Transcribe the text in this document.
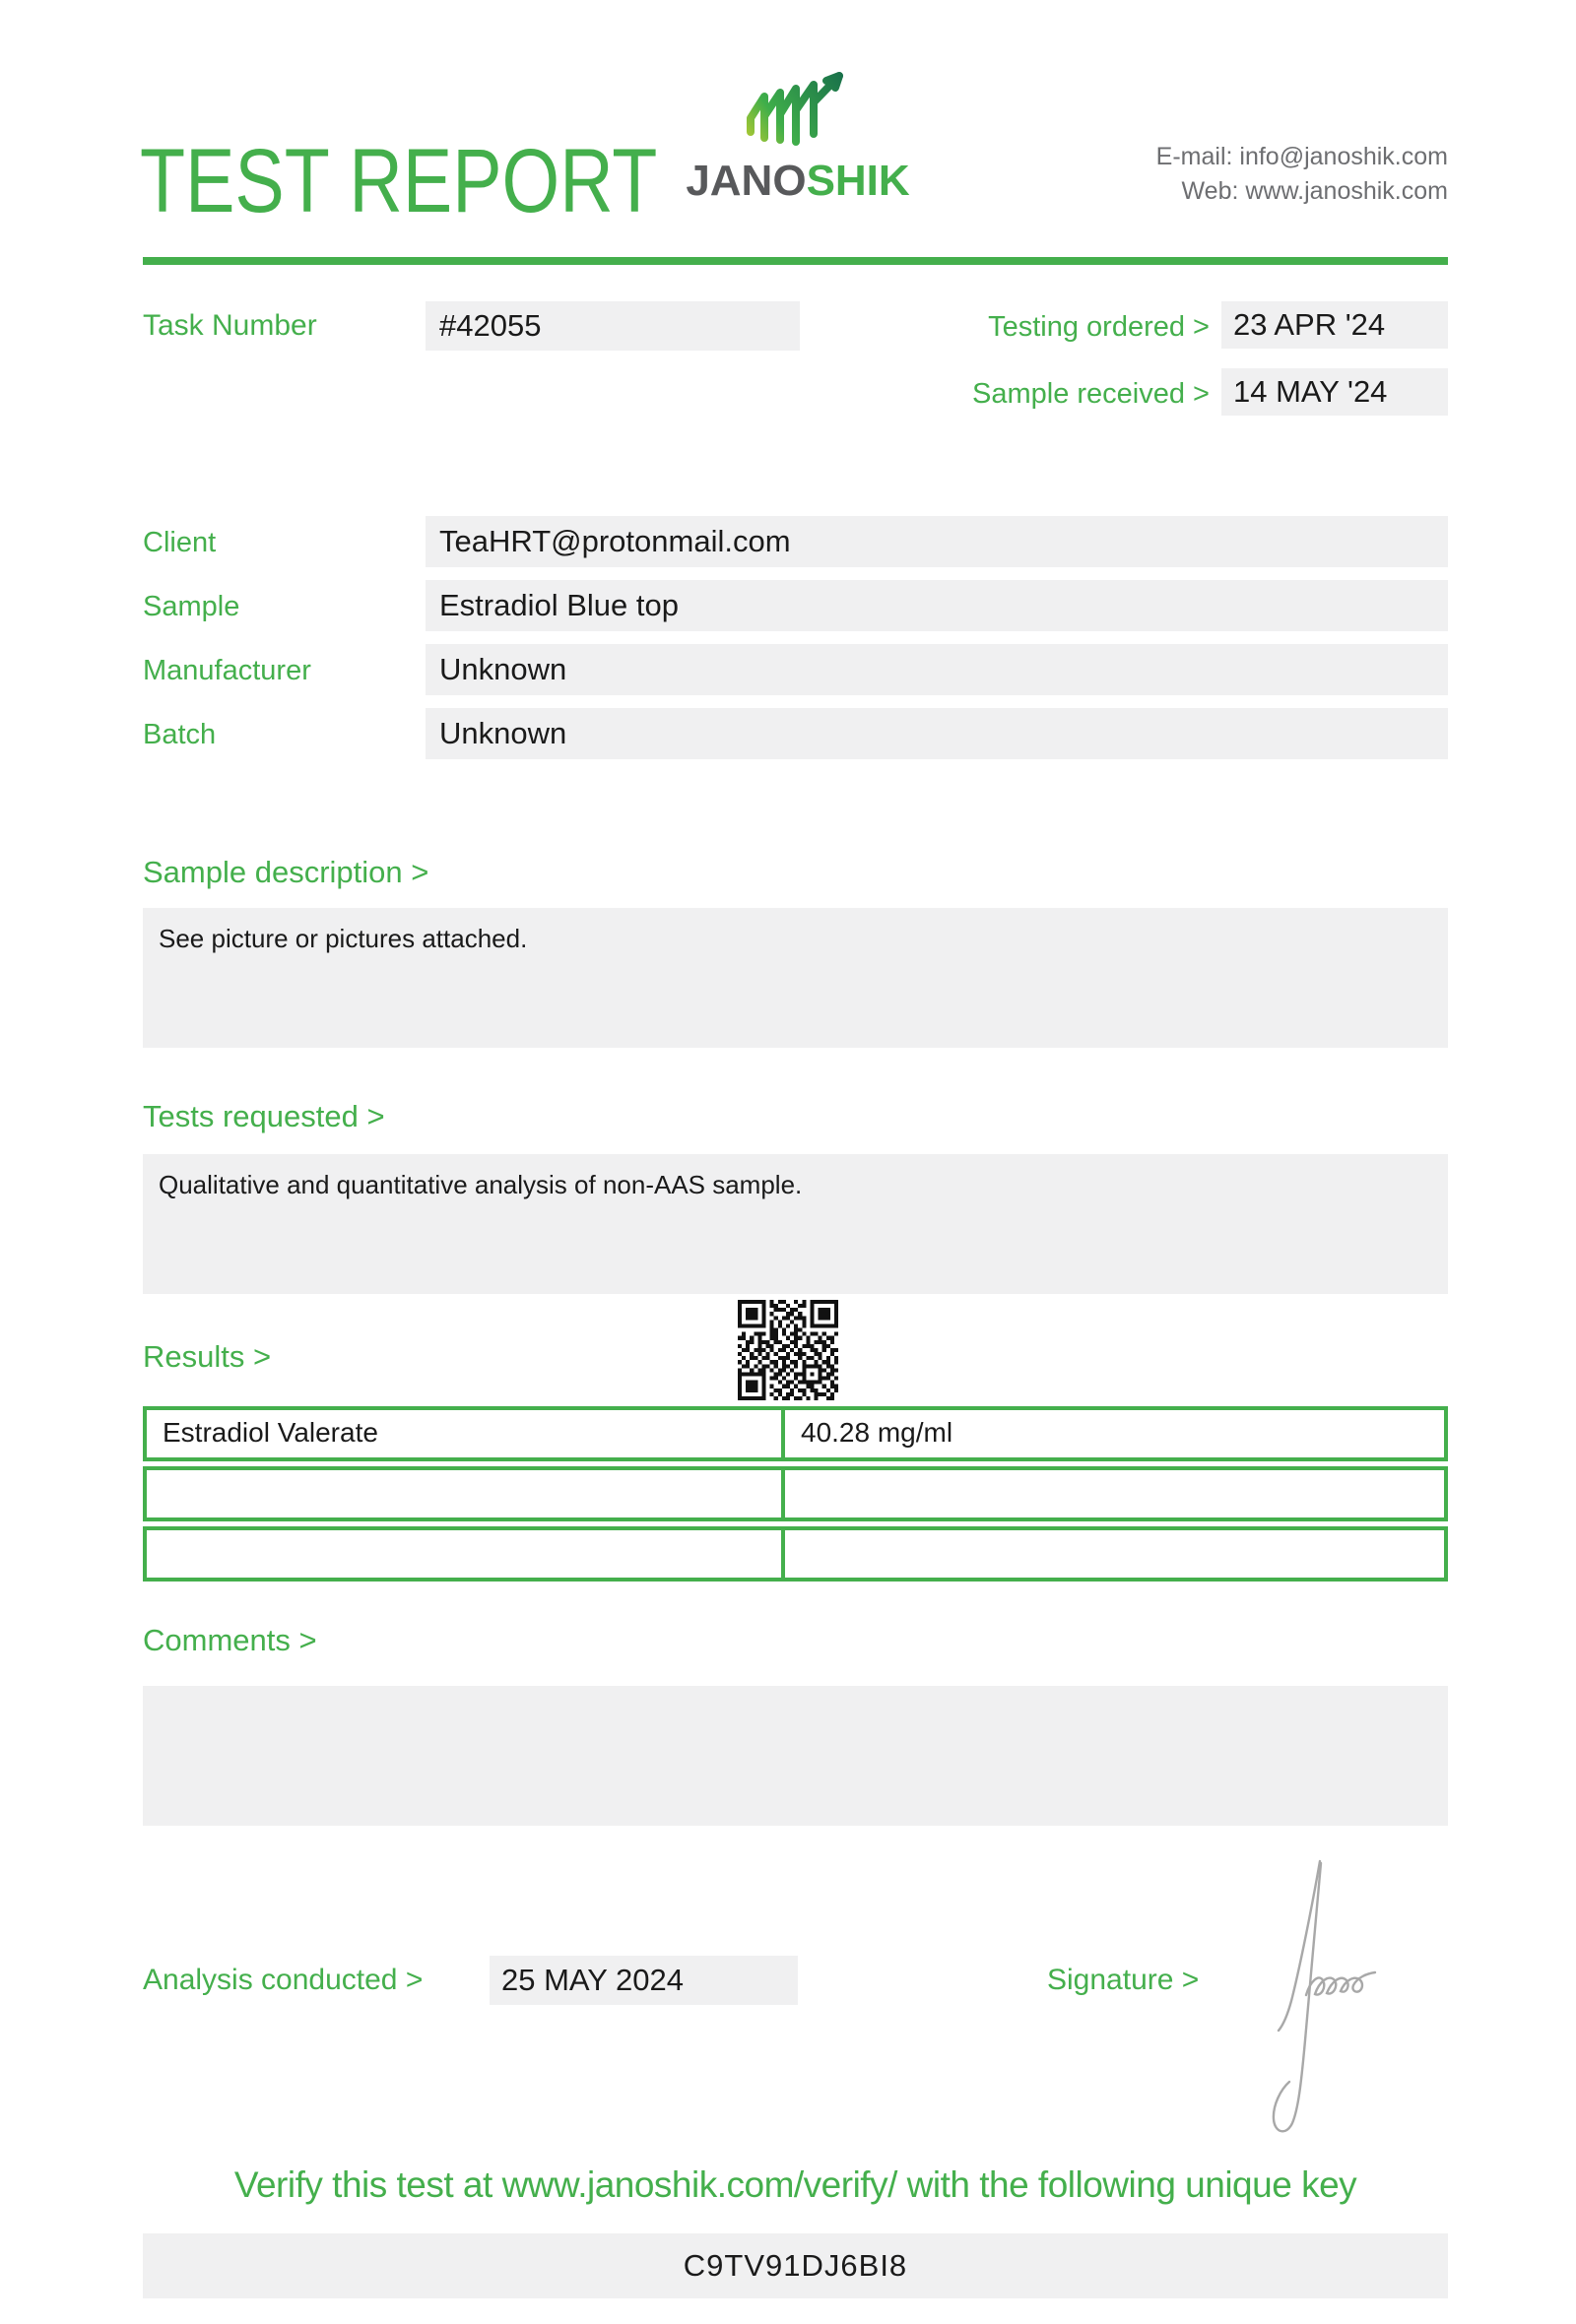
TEST REPORT JANOSHIK	E-mail: info@janoshik.com
Web: www.janoshik.com
Task Number	#42055	Testing ordered > 23 APR '24
Sample received > 14 MAY '24
Client	TeaHRT@protonmail.com
Sample	Estradiol Blue top
Manufacturer	Unknown
Batch	Unknown
Sample description >
See picture or pictures attached.
Tests requested >
Qualitative and quantitative analysis of non-AAS sample.
Results >
Estradiol Valerate	40.28 mg/ml
Comments >
Analysis conducted >	25 MAY 2024	Signature >
Verify this test at www.janoshik.com/verify/ with the following unique key
C9TV91DJ6BI8
